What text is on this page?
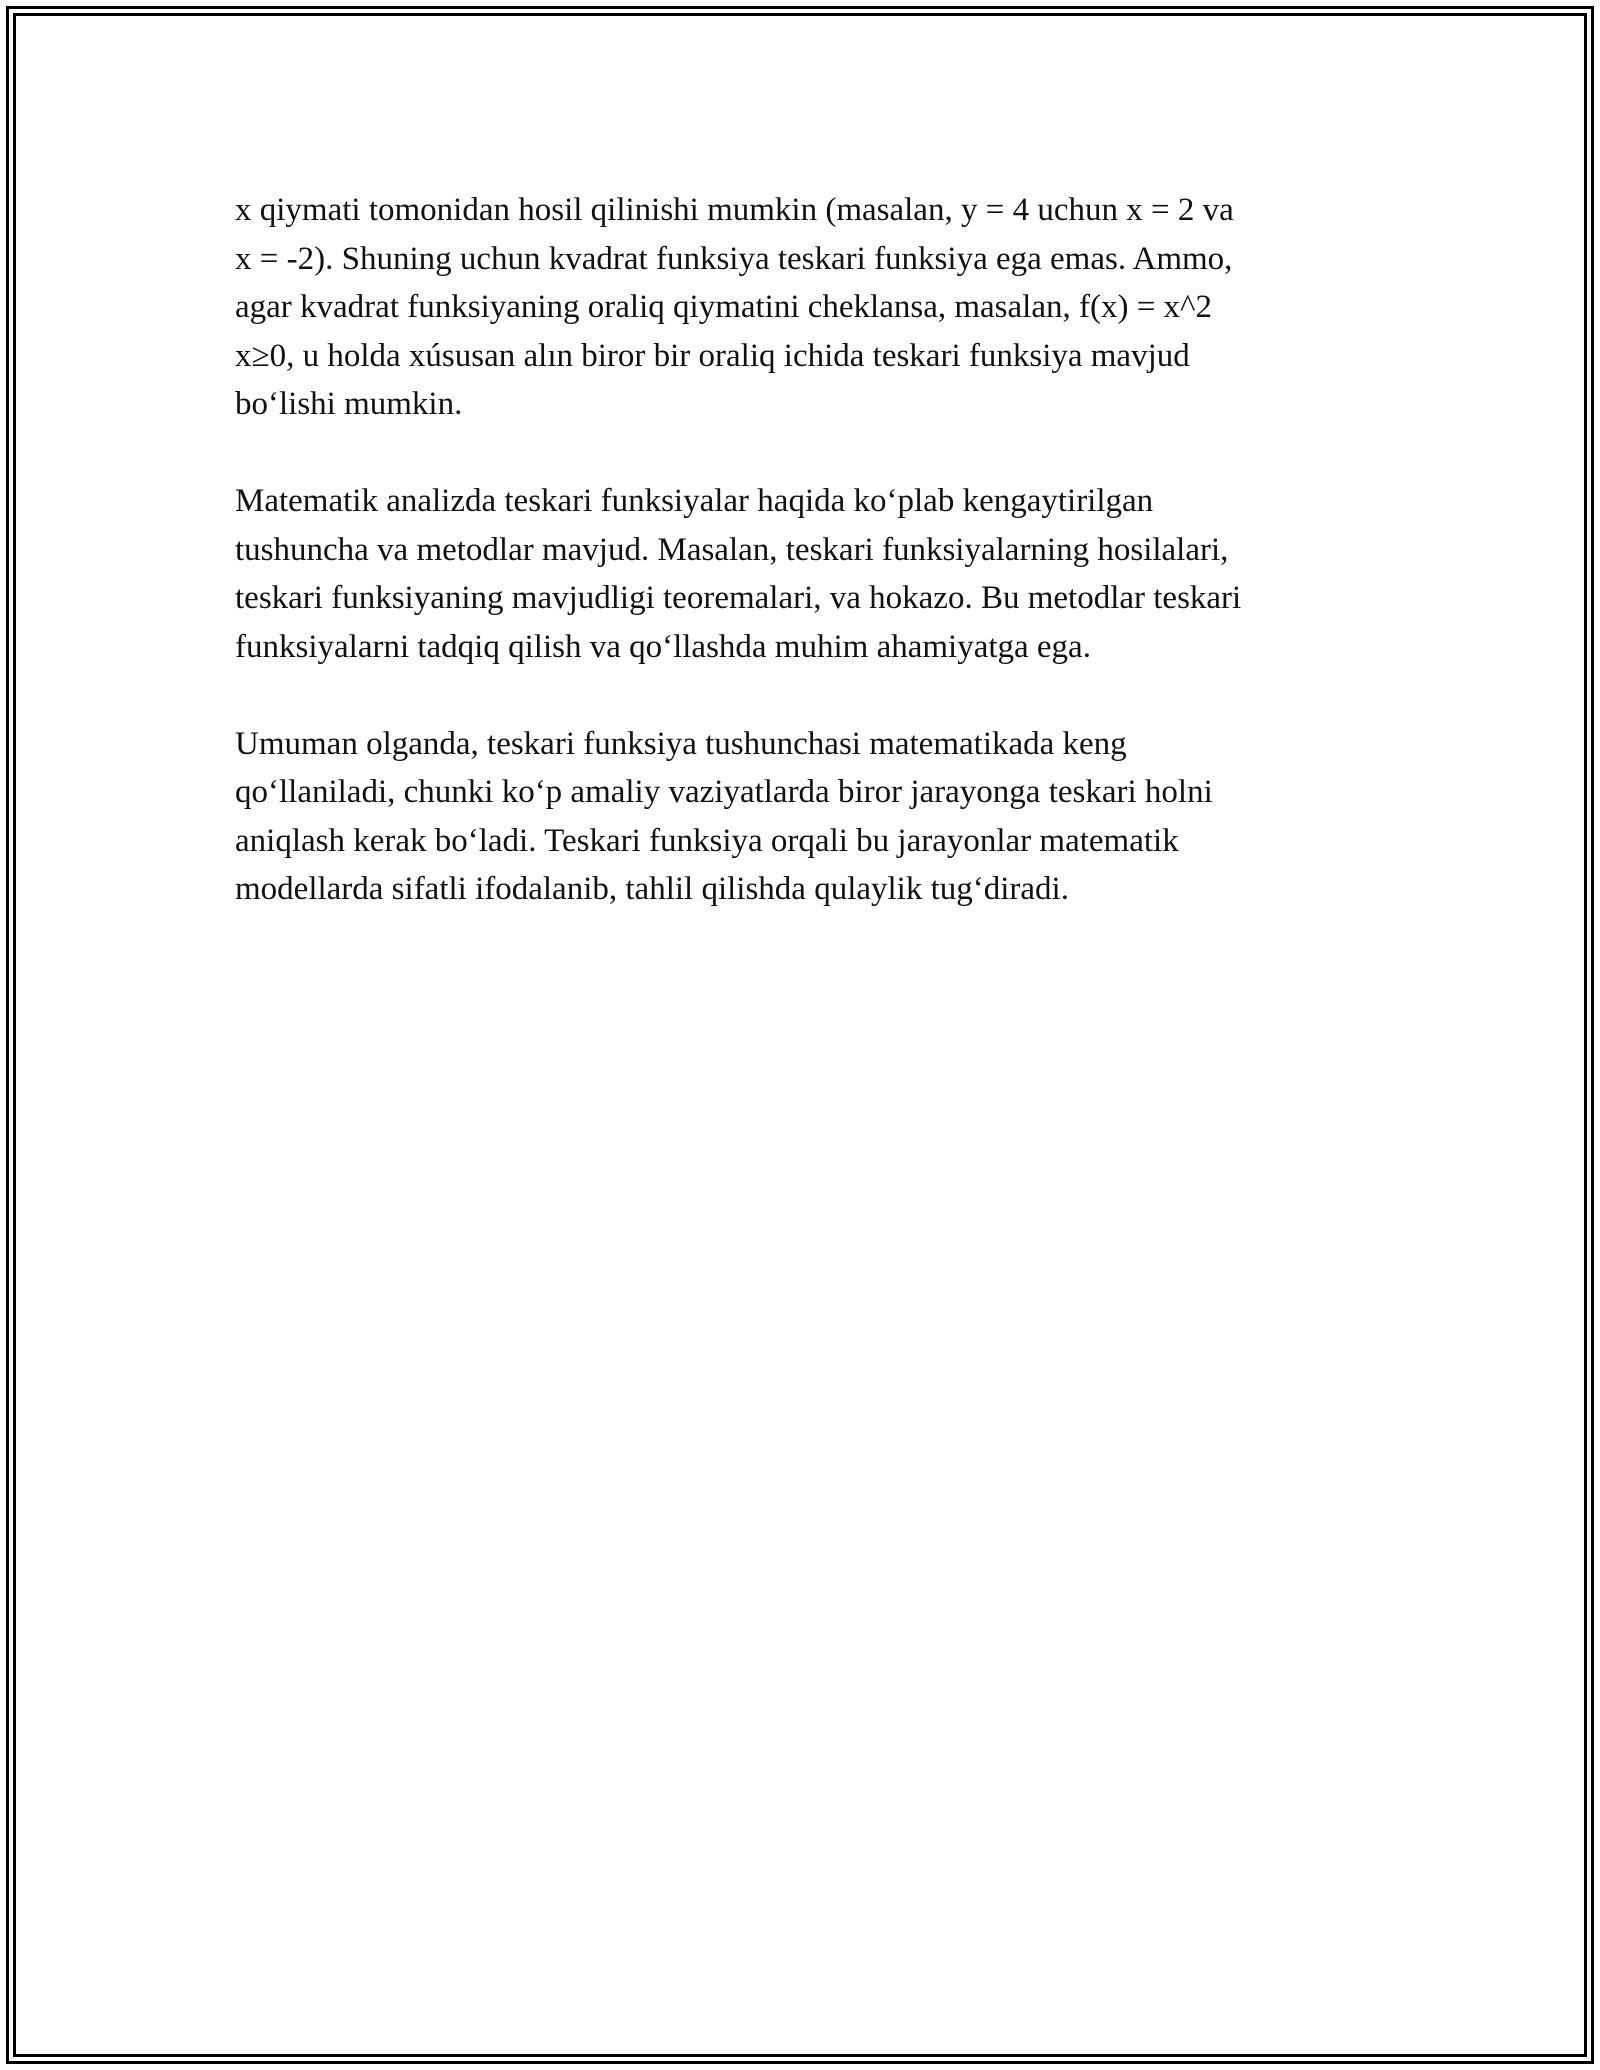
x qiymati tomonidan hosil qilinishi mumkin (masalan, y = 4 uchun x = 2 va
x = -2). Shuning uchun kvadrat funksiya teskari funksiya ega emas. Ammo,
agar kvadrat funksiyaning oraliq qiymatini cheklansa, masalan, f(x) = x^2
x≥0, u holda xúsusan alın biror bir oraliq ichida teskari funksiya mavjud
bo‘lishi mumkin.

Matematik analizda teskari funksiyalar haqida ko‘plab kengaytirilgan
tushuncha va metodlar mavjud. Masalan, teskari funksiyalarning hosilalari,
teskari funksiyaning mavjudligi teoremalari, va hokazo. Bu metodlar teskari
funksiyalarni tadqiq qilish va qo‘llashda muhim ahamiyatga ega.

Umuman olganda, teskari funksiya tushunchasi matematikada keng
qo‘llaniladi, chunki ko‘p amaliy vaziyatlarda biror jarayonga teskari holni
aniqlash kerak bo‘ladi. Teskari funksiya orqali bu jarayonlar matematik
modellarda sifatli ifodalanib, tahlil qilishda qulaylik tug‘diradi.
